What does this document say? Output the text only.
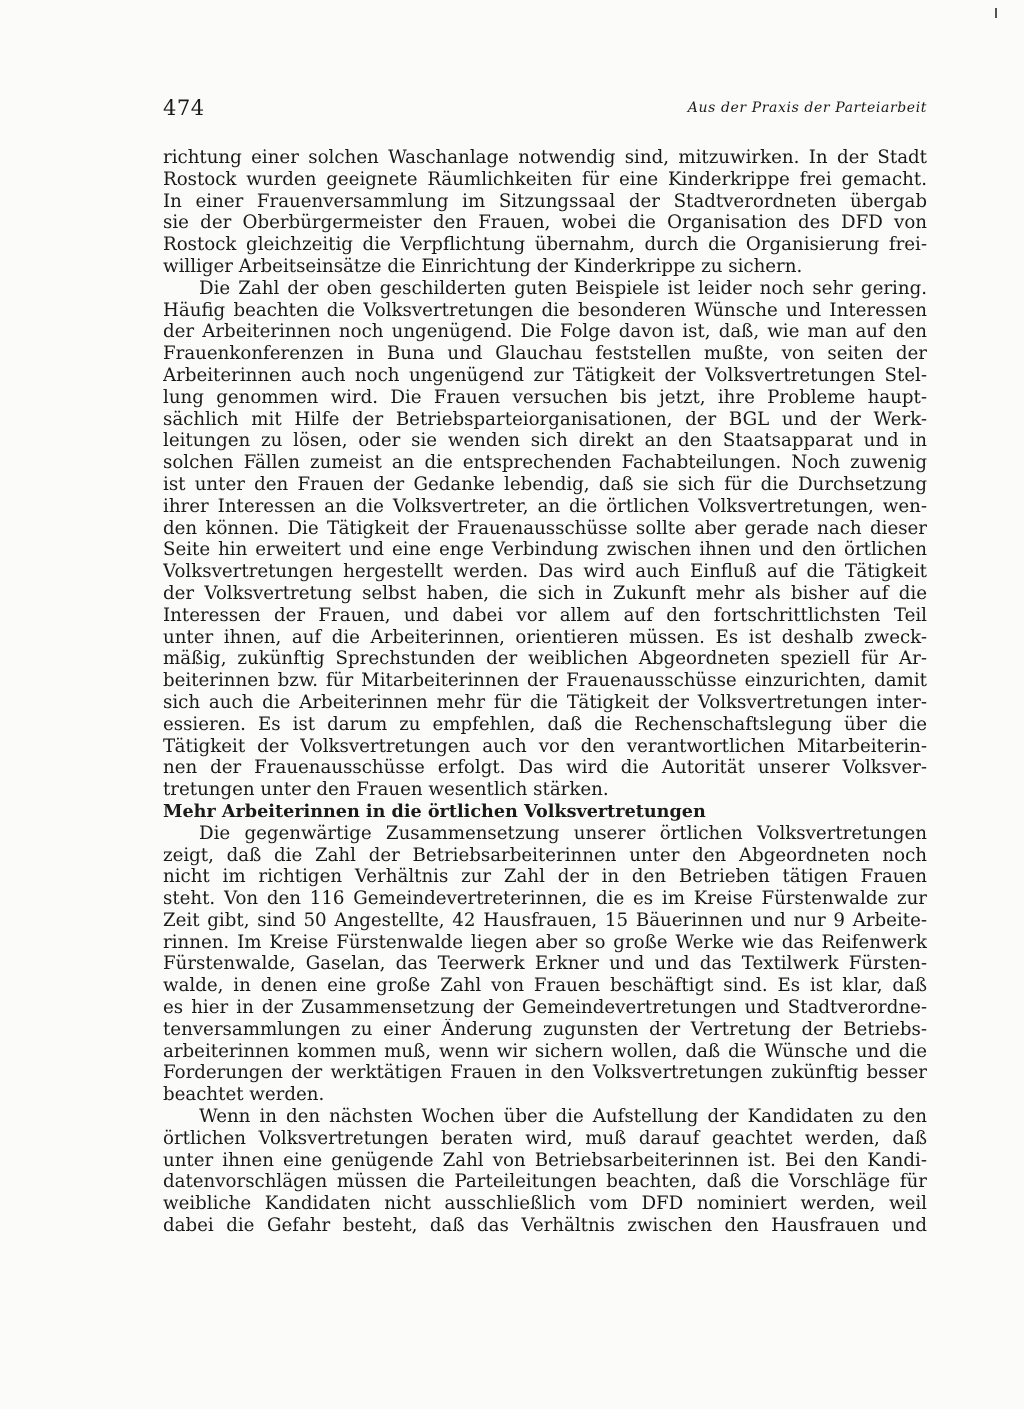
474	Aus der Praxis der Parteiarbeit
richtung einer solchen Waschanlage notwendig sind, mitzuwirken. In der Stadt
Rostock wurden geeignete Räumlichkeiten für eine Kinderkrippe frei gemacht.
In einer Frauenversammlung im Sitzungssaal der Stadtverordneten übergab
sie der Oberbürgermeister den Frauen, wobei die Organisation des DFD von
Rostock gleichzeitig die Verpflichtung übernahm, durch die Organisierung frei-
williger Arbeitseinsätze die Einrichtung der Kinderkrippe zu sichern.
Die Zahl der oben geschilderten guten Beispiele ist leider noch sehr gering.
Häufig beachten die Volksvertretungen die besonderen Wünsche und Interessen
der Arbeiterinnen noch ungenügend. Die Folge davon ist, daß, wie man auf den
Frauenkonferenzen in Buna und Glauchau feststellen mußte, von seiten der
Arbeiterinnen auch noch ungenügend zur Tätigkeit der Volksvertretungen Stel-
lung genommen wird. Die Frauen versuchen bis jetzt, ihre Probleme haupt-
sächlich mit Hilfe der Betriebsparteiorganisationen, der BGL und der Werk-
leitungen zu lösen, oder sie wenden sich direkt an den Staatsapparat und in
solchen Fällen zumeist an die entsprechenden Fachabteilungen. Noch zuwenig
ist unter den Frauen der Gedanke lebendig, daß sie sich für die Durchsetzung
ihrer Interessen an die Volksvertreter, an die örtlichen Volksvertretungen, wen-
den können. Die Tätigkeit der Frauenausschüsse sollte aber gerade nach dieser
Seite hin erweitert und eine enge Verbindung zwischen ihnen und den örtlichen
Volksvertretungen hergestellt werden. Das wird auch Einfluß auf die Tätigkeit
der Volksvertretung selbst haben, die sich in Zukunft mehr als bisher auf die
Interessen der Frauen, und dabei vor allem auf den fortschrittlichsten Teil
unter ihnen, auf die Arbeiterinnen, orientieren müssen. Es ist deshalb zweck-
mäßig, zukünftig Sprechstunden der weiblichen Abgeordneten speziell für Ar-
beiterinnen bzw. für Mitarbeiterinnen der Frauenausschüsse einzurichten, damit
sich auch die Arbeiterinnen mehr für die Tätigkeit der Volksvertretungen inter-
essieren. Es ist darum zu empfehlen, daß die Rechenschaftslegung über die
Tätigkeit der Volksvertretungen auch vor den verantwortlichen Mitarbeiterin-
nen der Frauenausschüsse erfolgt. Das wird die Autorität unserer Volksver-
tretungen unter den Frauen wesentlich stärken.
Mehr Arbeiterinnen in die örtlichen Volksvertretungen
Die gegenwärtige Zusammensetzung unserer örtlichen Volksvertretungen
zeigt, daß die Zahl der Betriebsarbeiterinnen unter den Abgeordneten noch
nicht im richtigen Verhältnis zur Zahl der in den Betrieben tätigen Frauen
steht. Von den 116 Gemeindevertreterinnen, die es im Kreise Fürstenwalde zur
Zeit gibt, sind 50 Angestellte, 42 Hausfrauen, 15 Bäuerinnen und nur 9 Arbeite-
rinnen. Im Kreise Fürstenwalde liegen aber so große Werke wie das Reifenwerk
Fürstenwalde, Gaselan, das Teerwerk Erkner und und das Textilwerk Fürsten-
walde, in denen eine große Zahl von Frauen beschäftigt sind. Es ist klar, daß
es hier in der Zusammensetzung der Gemeindevertretungen und Stadtverordne-
tenversammlungen zu einer Änderung zugunsten der Vertretung der Betriebs-
arbeiterinnen kommen muß, wenn wir sichern wollen, daß die Wünsche und die
Forderungen der werktätigen Frauen in den Volksvertretungen zukünftig besser
beachtet werden.
Wenn in den nächsten Wochen über die Aufstellung der Kandidaten zu den
örtlichen Volksvertretungen beraten wird, muß darauf geachtet werden, daß
unter ihnen eine genügende Zahl von Betriebsarbeiterinnen ist. Bei den Kandi-
datenvorschlägen müssen die Parteileitungen beachten, daß die Vorschläge für
weibliche Kandidaten nicht ausschließlich vom DFD nominiert werden, weil
dabei die Gefahr besteht, daß das Verhältnis zwischen den Hausfrauen und
